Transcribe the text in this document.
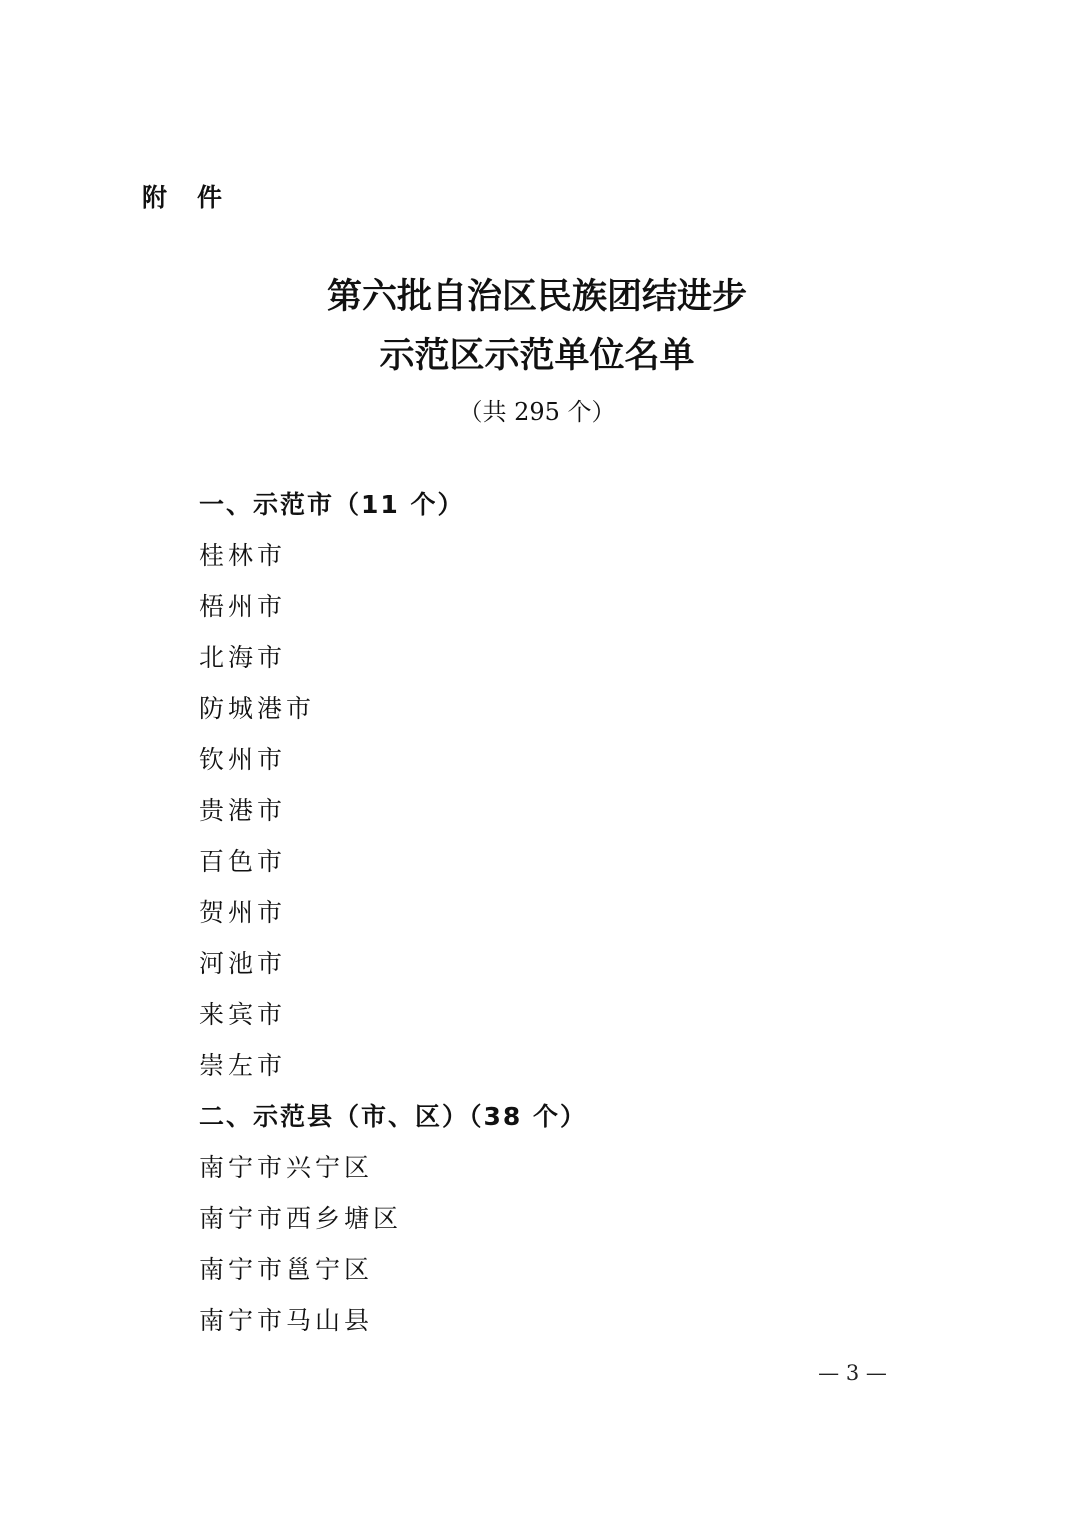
附件
第六批自治区民族团结进步
示范区示范单位名单
（共 295 个）
一、示范市（11 个）
桂林市
梧州市
北海市
防城港市
钦州市
贵港市
百色市
贺州市
河池市
来宾市
崇左市
二、示范县（市、区）（38 个）
南宁市兴宁区
南宁市西乡塘区
南宁市邕宁区
南宁市马山县
— 3 —
